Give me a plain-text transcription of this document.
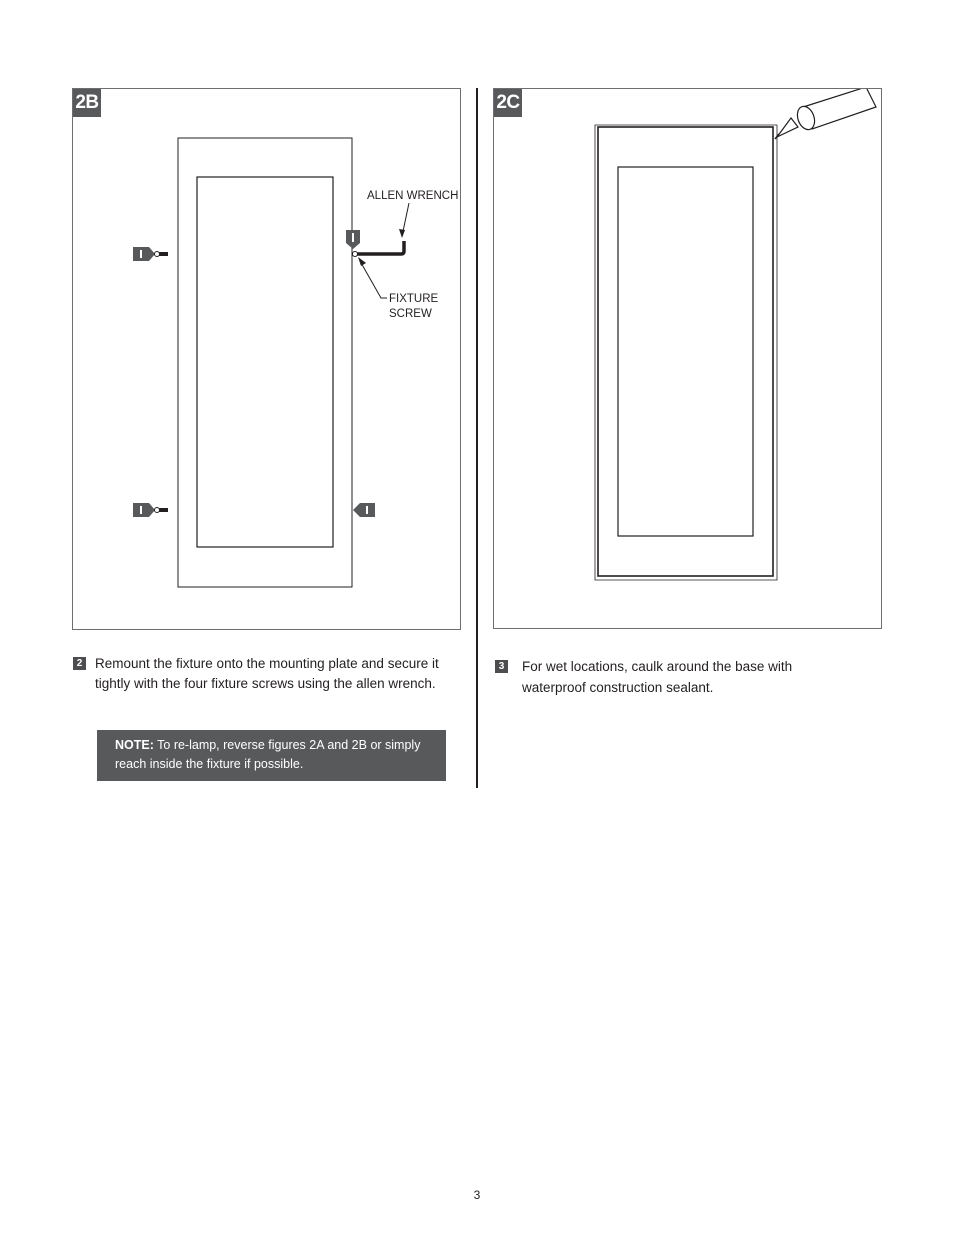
2B
ALLEN WRENCH
FIXTURE
SCREW
2C
2 Remount the fixture onto the mounting plate and secure it tightly with the four fixture screws using the allen wrench.
NOTE: To re-lamp, reverse figures 2A and 2B or simply reach inside the fixture if possible.
3 For wet locations, caulk around the base with waterproof construction sealant.
3
